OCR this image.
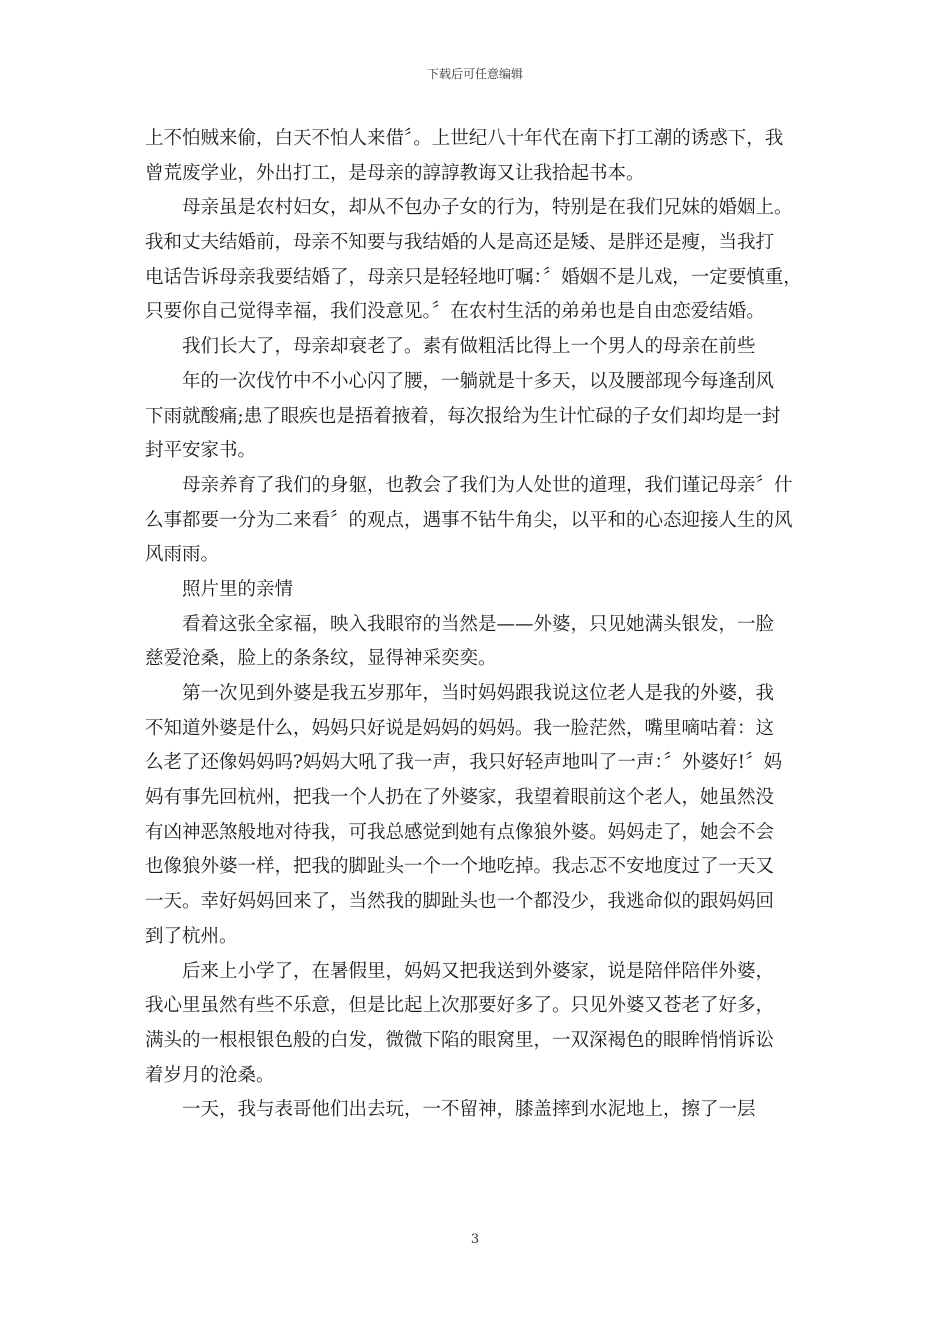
下载后可任意编辑
上不怕贼来偷，白天不怕人来借〞。上世纪八十年代在南下打工潮的诱惑下，我
曾荒废学业，外出打工，是母亲的諄諄教诲又让我拾起书本。
母亲虽是农村妇女，却从不包办子女的行为，特别是在我们兄妹的婚姻上。
我和丈夫结婚前，母亲不知要与我结婚的人是高还是矮、是胖还是瘦，当我打
电话告诉母亲我要结婚了，母亲只是轻轻地叮嘱：〞婚姻不是儿戏，一定要慎重，
只要你自己觉得幸福，我们没意见。〞在农村生活的弟弟也是自由恋爱结婚。
我们长大了，母亲却衰老了。素有做粗活比得上一个男人的母亲在前些
年的一次伐竹中不小心闪了腰，一躺就是十多天，以及腰部现今每逢刮风
下雨就酸痛;患了眼疾也是捂着掖着，每次报给为生计忙碌的子女们却均是一封
封平安家书。
母亲养育了我们的身躯，也教会了我们为人处世的道理，我们谨记母亲〞什
么事都要一分为二来看〞的观点，遇事不钻牛角尖，以平和的心态迎接人生的风
风雨雨。
照片里的亲情
看着这张全家福，映入我眼帘的当然是——外婆，只见她满头银发，一脸
慈爱沧桑，脸上的条条纹，显得神采奕奕。
第一次见到外婆是我五岁那年，当时妈妈跟我说这位老人是我的外婆，我
不知道外婆是什么，妈妈只好说是妈妈的妈妈。我一脸茫然，嘴里嘀咕着：这
么老了还像妈妈吗?妈妈大吼了我一声，我只好轻声地叫了一声：〞外婆好!〞妈
妈有事先回杭州，把我一个人扔在了外婆家，我望着眼前这个老人，她虽然没
有凶神恶煞般地对待我，可我总感觉到她有点像狼外婆。妈妈走了，她会不会
也像狼外婆一样，把我的脚趾头一个一个地吃掉。我忐忑不安地度过了一天又
一天。幸好妈妈回来了，当然我的脚趾头也一个都没少，我逃命似的跟妈妈回
到了杭州。
后来上小学了，在暑假里，妈妈又把我送到外婆家，说是陪伴陪伴外婆，
我心里虽然有些不乐意，但是比起上次那要好多了。只见外婆又苍老了好多，
满头的一根根银色般的白发，微微下陷的眼窝里，一双深褐色的眼眸悄悄诉讼
着岁月的沧桑。
一天，我与表哥他们出去玩，一不留神，膝盖摔到水泥地上，擦了一层
3
